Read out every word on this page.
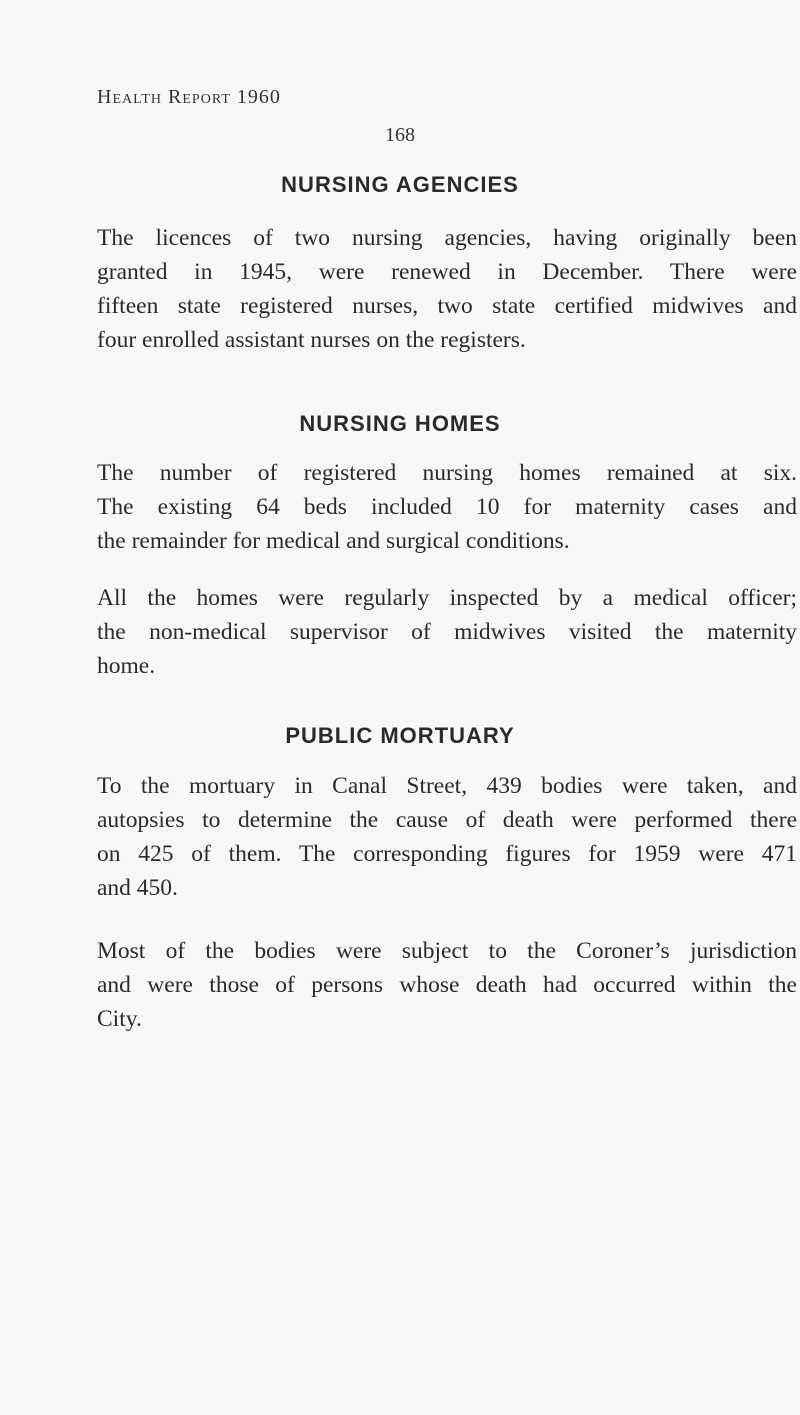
Health Report 1960
168
NURSING AGENCIES
The licences of two nursing agencies, having originally been
granted in 1945, were renewed in December. There were
fifteen state registered nurses, two state certified midwives and
four enrolled assistant nurses on the registers.
NURSING HOMES
The number of registered nursing homes remained at six.
The existing 64 beds included 10 for maternity cases and
the remainder for medical and surgical conditions.
All the homes were regularly inspected by a medical officer;
the non-medical supervisor of midwives visited the maternity
home.
PUBLIC MORTUARY
To the mortuary in Canal Street, 439 bodies were taken, and
autopsies to determine the cause of death were performed there
on 425 of them. The corresponding figures for 1959 were 471
and 450.
Most of the bodies were subject to the Coroner’s jurisdiction
and were those of persons whose death had occurred within the
City.
